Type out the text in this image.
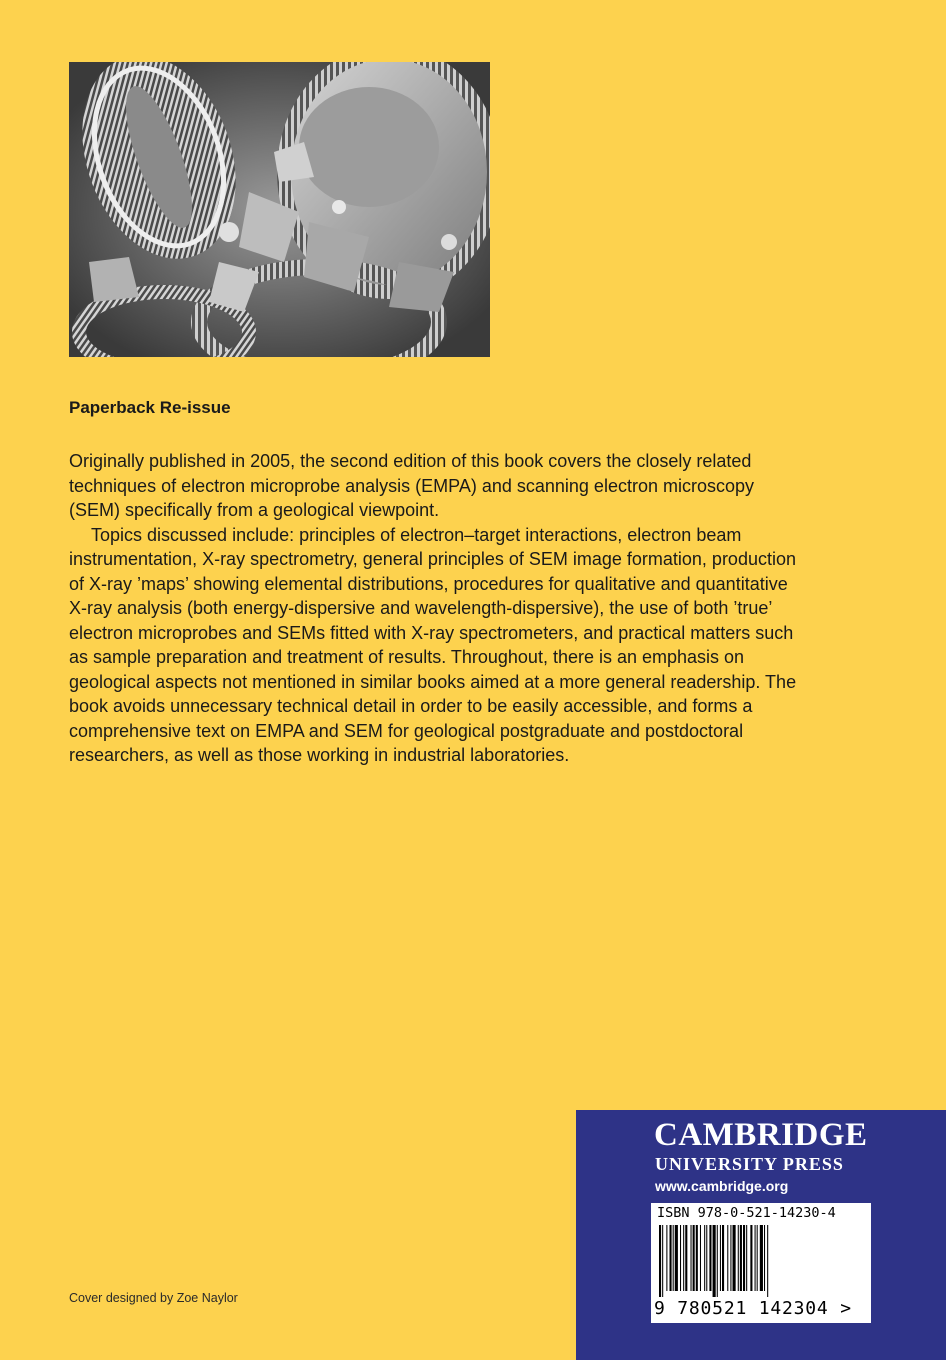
Paperback Re-issue

Originally published in 2005, the second edition of this book covers the closely related techniques of electron microprobe analysis (EMPA) and scanning electron microscopy (SEM) specifically from a geological viewpoint.

Topics discussed include: principles of electron–target interactions, electron beam instrumentation, X-ray spectrometry, general principles of SEM image formation, production of X-ray ’maps’ showing elemental distributions, procedures for qualitative and quantitative X-ray analysis (both energy-dispersive and wavelength-dispersive), the use of both ’true’ electron microprobes and SEMs fitted with X-ray spectrometers, and practical matters such as sample preparation and treatment of results. Throughout, there is an emphasis on geological aspects not mentioned in similar books aimed at a more general readership. The book avoids unnecessary technical detail in order to be easily accessible, and forms a comprehensive text on EMPA and SEM for geological postgraduate and postdoctoral researchers, as well as those working in industrial laboratories.

Cover designed by Zoe Naylor
CAMBRIDGE
UNIVERSITY PRESS
www.cambridge.org
ISBN 978-0-521-14230-4
9 780521 142304 >
